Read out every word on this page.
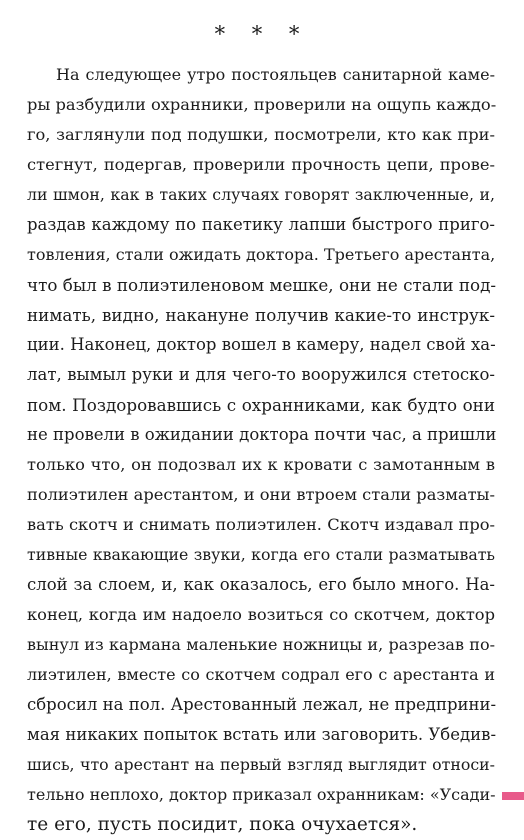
* * *
На следующее утро постояльцев санитарной каме-
ры разбудили охранники, проверили на ощупь каждо-
го, заглянули под подушки, посмотрели, кто как при-
стегнут, подергав, проверили прочность цепи, прове-
ли шмон, как в таких случаях говорят заключенные, и,
раздав каждому по пакетику лапши быстрого приго-
товления, стали ожидать доктора. Третьего арестанта,
что был в полиэтиленовом мешке, они не стали под-
нимать, видно, накануне получив какие-то инструк-
ции. Наконец, доктор вошел в камеру, надел свой ха-
лат, вымыл руки и для чего-то вооружился стетоско-
пом. Поздоровавшись с охранниками, как будто они
не провели в ожидании доктора почти час, а пришли
только что, он подозвал их к кровати с замотанным в
полиэтилен арестантом, и они втроем стали разматы-
вать скотч и снимать полиэтилен. Скотч издавал про-
тивные квакающие звуки, когда его стали разматывать
слой за слоем, и, как оказалось, его было много. На-
конец, когда им надоело возиться со скотчем, доктор
вынул из кармана маленькие ножницы и, разрезав по-
лиэтилен, вместе со скотчем содрал его с арестанта и
сбросил на пол. Арестованный лежал, не предприни-
мая никаких попыток встать или заговорить. Убедив-
шись, что арестант на первый взгляд выглядит относи-
тельно неплохо, доктор приказал охранникам: «Усади-
те его, пусть посидит, пока очухается».
